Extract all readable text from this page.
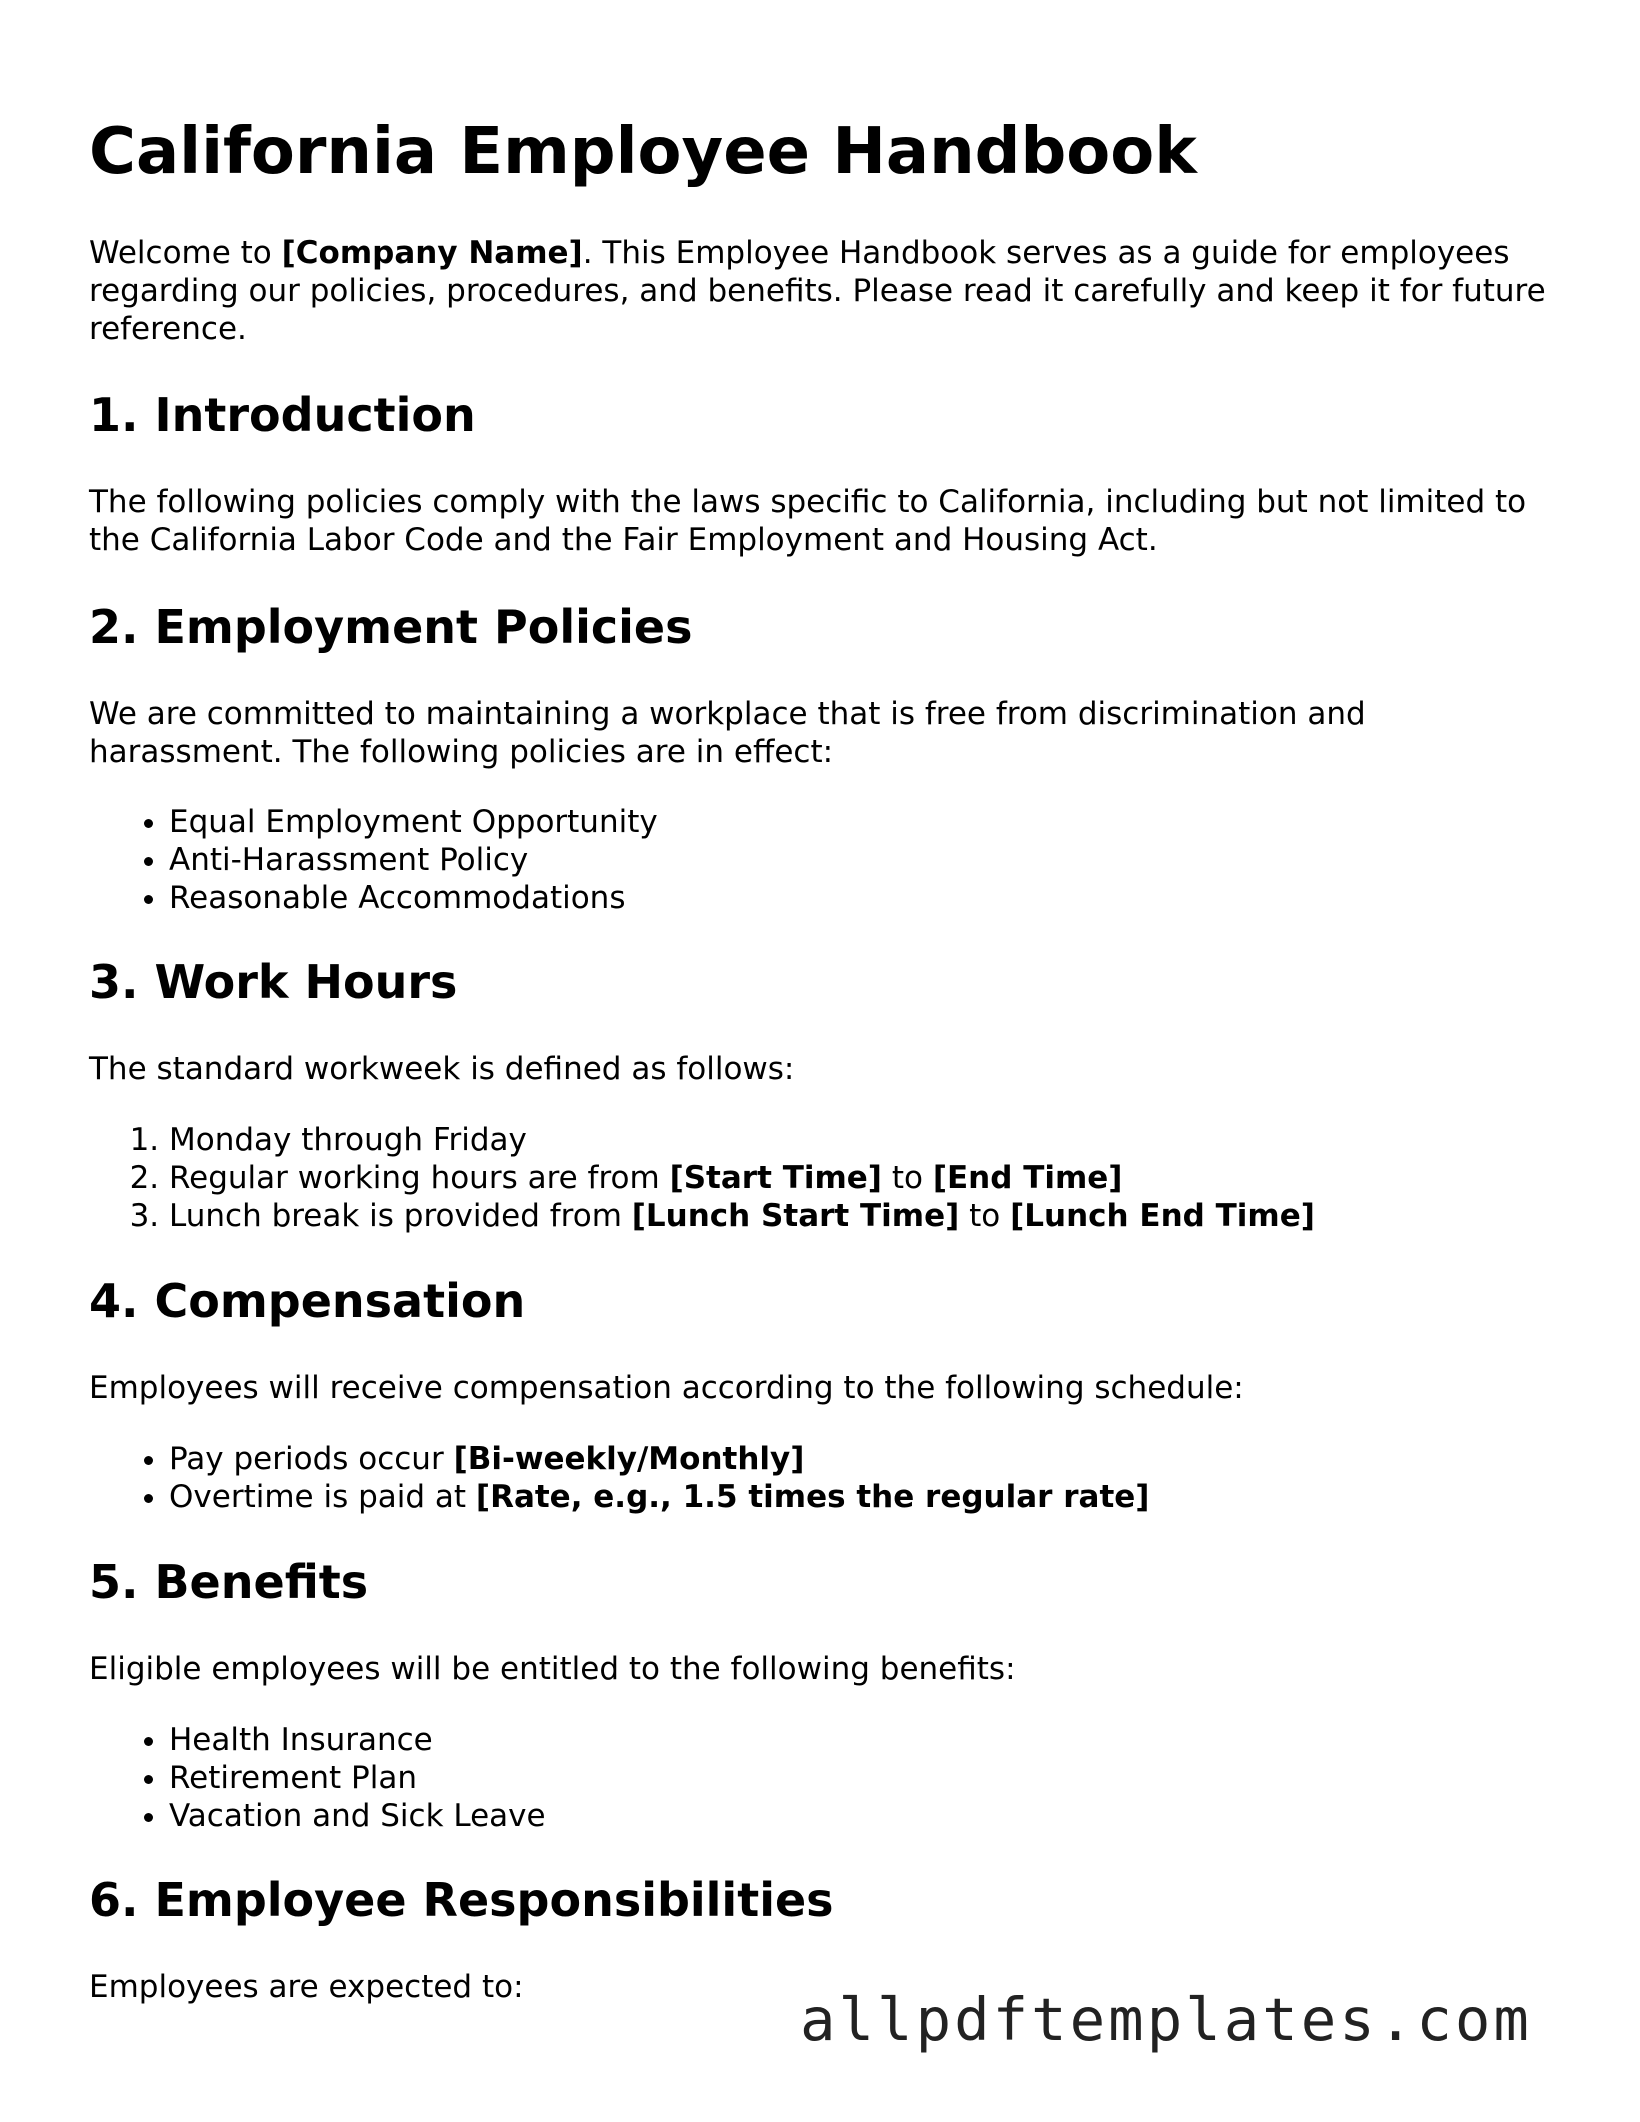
California Employee Handbook

Welcome to [Company Name]. This Employee Handbook serves as a guide for employees regarding our policies, procedures, and benefits. Please read it carefully and keep it for future reference.

1. Introduction

The following policies comply with the laws specific to California, including but not limited to the California Labor Code and the Fair Employment and Housing Act.

2. Employment Policies

We are committed to maintaining a workplace that is free from discrimination and harassment. The following policies are in effect:

• Equal Employment Opportunity
• Anti-Harassment Policy
• Reasonable Accommodations
3. Work Hours

The standard workweek is defined as follows:

1. Monday through Friday
2. Regular working hours are from [Start Time] to [End Time]
3. Lunch break is provided from [Lunch Start Time] to [Lunch End Time]
4. Compensation

Employees will receive compensation according to the following schedule:

• Pay periods occur [Bi-weekly/Monthly]
• Overtime is paid at [Rate, e.g., 1.5 times the regular rate]
5. Benefits

Eligible employees will be entitled to the following benefits:

• Health Insurance
• Retirement Plan
• Vacation and Sick Leave
6. Employee Responsibilities

Employees are expected to:	allpdftemplates.com
